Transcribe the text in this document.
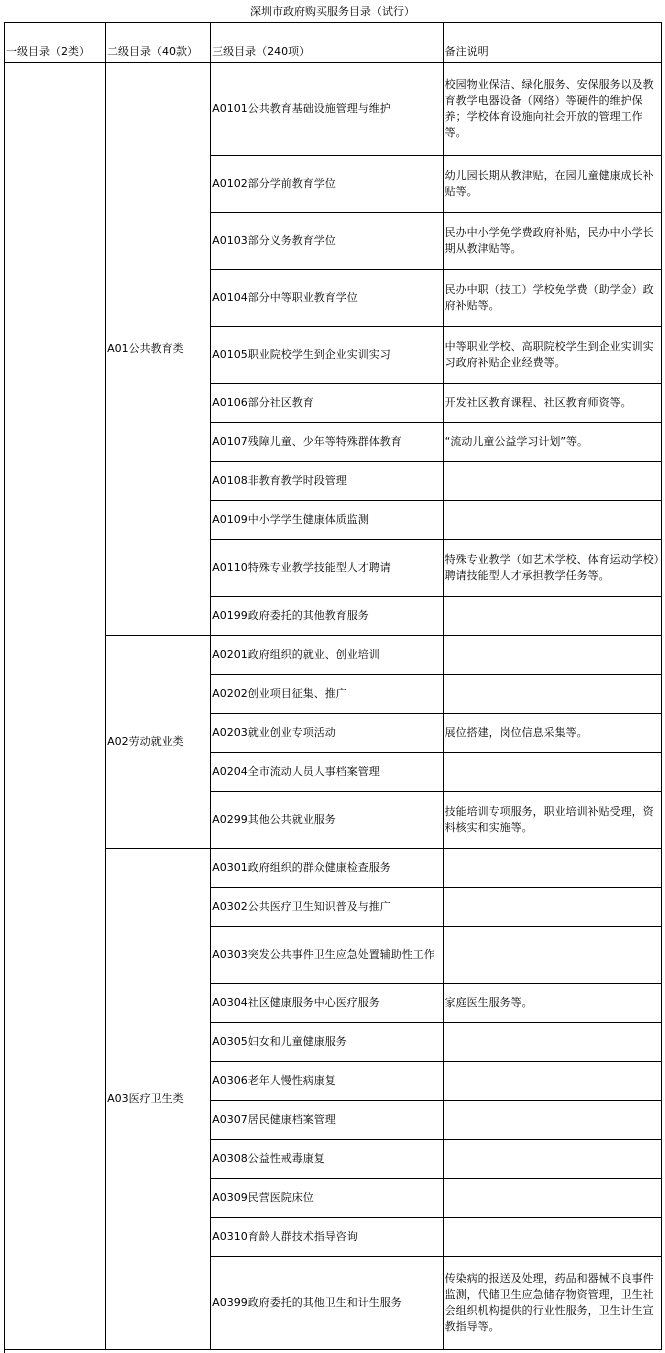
深圳市政府购买服务目录（试行）
一级目录（2类）	二级目录（40款）	三级目录（240项）	备注说明
	A01公共教育类	A0101公共教育基础设施管理与维护	校园物业保洁、绿化服务、安保服务以及教育教学电器设备（网络）等硬件的维护保养；学校体育设施向社会开放的管理工作等。
		A0102部分学前教育学位	幼儿园长期从教津贴，在园儿童健康成长补贴等。
		A0103部分义务教育学位	民办中小学免学费政府补贴，民办中小学长期从教津贴等。
		A0104部分中等职业教育学位	民办中职（技工）学校免学费（助学金）政府补贴等。
		A0105职业院校学生到企业实训实习	中等职业学校、高职院校学生到企业实训实习政府补贴企业经费等。
		A0106部分社区教育	开发社区教育课程、社区教育师资等。
		A0107残障儿童、少年等特殊群体教育	“流动儿童公益学习计划”等。
		A0108非教育教学时段管理	
		A0109中小学学生健康体质监测	
		A0110特殊专业教学技能型人才聘请	特殊专业教学（如艺术学校、体育运动学校）聘请技能型人才承担教学任务等。
		A0199政府委托的其他教育服务	
	A02劳动就业类	A0201政府组织的就业、创业培训	
		A0202创业项目征集、推广	
		A0203就业创业专项活动	展位搭建，岗位信息采集等。
		A0204全市流动人员人事档案管理	
		A0299其他公共就业服务	技能培训专项服务，职业培训补贴受理，资料核实和实施等。
	A03医疗卫生类	A0301政府组织的群众健康检查服务	
		A0302公共医疗卫生知识普及与推广	
		A0303突发公共事件卫生应急处置辅助性工作	
		A0304社区健康服务中心医疗服务	家庭医生服务等。
		A0305妇女和儿童健康服务	
		A0306老年人慢性病康复	
		A0307居民健康档案管理	
		A0308公益性戒毒康复	
		A0309民营医院床位	
		A0310育龄人群技术指导咨询	
		A0399政府委托的其他卫生和计生服务	传染病的报送及处理，药品和器械不良事件监测，代储卫生应急储存物资管理，卫生社会组织机构提供的行业性服务，卫生计生宣教指导等。
